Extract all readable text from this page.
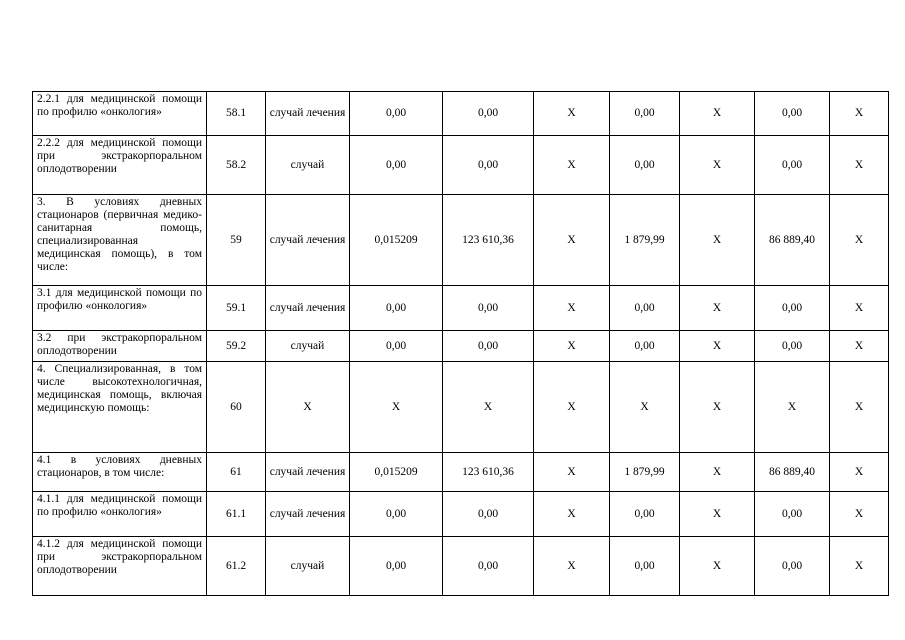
2.2.1 для медицинской помощи по профилю «онкология»	58.1	случай лечения	0,00	0,00	X	0,00	X	0,00	X
2.2.2 для медицинской помощи при экстракорпоральном оплодотворении	58.2	случай	0,00	0,00	X	0,00	X	0,00	X
3. В условиях дневных стационаров (первичная медико-санитарная помощь, специализированная медицинская помощь), в том числе:	59	случай лечения	0,015209	123 610,36	X	1 879,99	X	86 889,40	X
3.1 для медицинской помощи по профилю «онкология»	59.1	случай лечения	0,00	0,00	X	0,00	X	0,00	X
3.2 при экстракорпоральном оплодотворении	59.2	случай	0,00	0,00	X	0,00	X	0,00	X
4. Специализированная, в том числе высокотехнологичная, медицинская помощь, включая медицинскую помощь:	60	X	X	X	X	X	X	X	X
4.1 в условиях дневных стационаров, в том числе:	61	случай лечения	0,015209	123 610,36	X	1 879,99	X	86 889,40	X
4.1.1 для медицинской помощи по профилю «онкология»	61.1	случай лечения	0,00	0,00	X	0,00	X	0,00	X
4.1.2 для медицинской помощи при экстракорпоральном оплодотворении	61.2	случай	0,00	0,00	X	0,00	X	0,00	X
